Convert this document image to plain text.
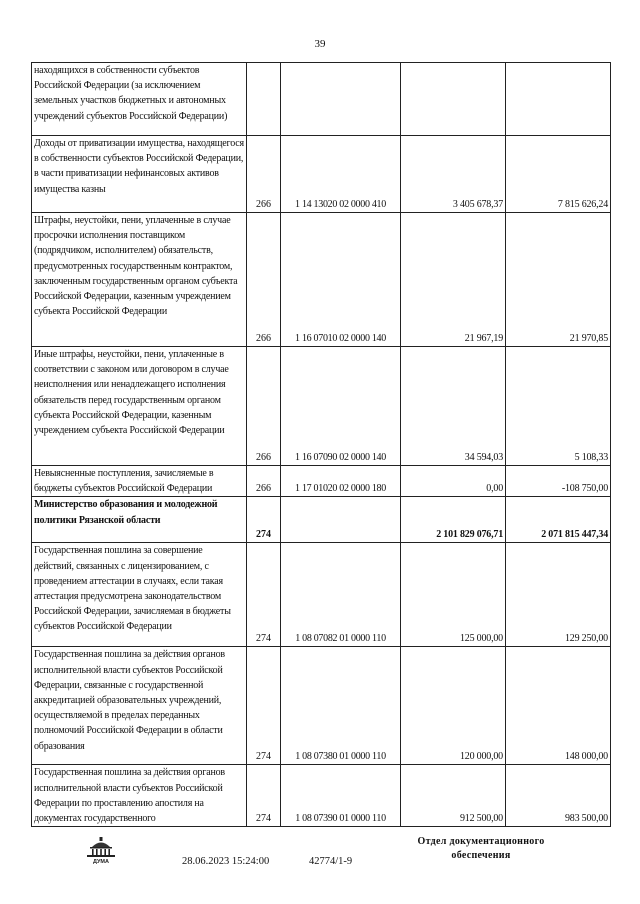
39
находящихся в собственности субъектов Российской Федерации (за исключением земельных участков бюджетных и автономных учреждений субъектов Российской Федерации)				
Доходы от приватизации имущества, находящегося в собственности субъектов Российской Федерации, в части приватизации нефинансовых активов имущества казны	266	1 14 13020 02 0000 410	3 405 678,37	7 815 626,24
Штрафы, неустойки, пени, уплаченные в случае просрочки исполнения поставщиком (подрядчиком, исполнителем) обязательств, предусмотренных государственным контрактом, заключенным государственным органом субъекта Российской Федерации, казенным учреждением субъекта Российской Федерации	266	1 16 07010 02 0000 140	21 967,19	21 970,85
Иные штрафы, неустойки, пени, уплаченные в соответствии с законом или договором в случае неисполнения или ненадлежащего исполнения обязательств перед государственным органом субъекта Российской Федерации, казенным учреждением субъекта Российской Федерации	266	1 16 07090 02 0000 140	34 594,03	5 108,33
Невыясненные поступления, зачисляемые в бюджеты субъектов Российской Федерации	266	1 17 01020 02 0000 180	0,00	-108 750,00
Министерство образования и молодежной политики Рязанской области	274		2 101 829 076,71	2 071 815 447,34
Государственная пошлина за совершение действий, связанных с лицензированием, с проведением аттестации в случаях, если такая аттестация предусмотрена законодательством Российской Федерации, зачисляемая в бюджеты субъектов Российской Федерации	274	1 08 07082 01 0000 110	125 000,00	129 250,00
Государственная пошлина за действия органов исполнительной власти субъектов Российской Федерации, связанные с государственной аккредитацией образовательных учреждений, осуществляемой в пределах переданных полномочий Российской Федерации в области образования	274	1 08 07380 01 0000 110	120 000,00	148 000,00
Государственная пошлина за действия органов исполнительной власти субъектов Российской Федерации по проставлению апостиля на документах государственного	274	1 08 07390 01 0000 110	912 500,00	983 500,00
ДУМА	28.06.2023 15:24:00	42774/1-9
Отдел документационного
обеспечения
